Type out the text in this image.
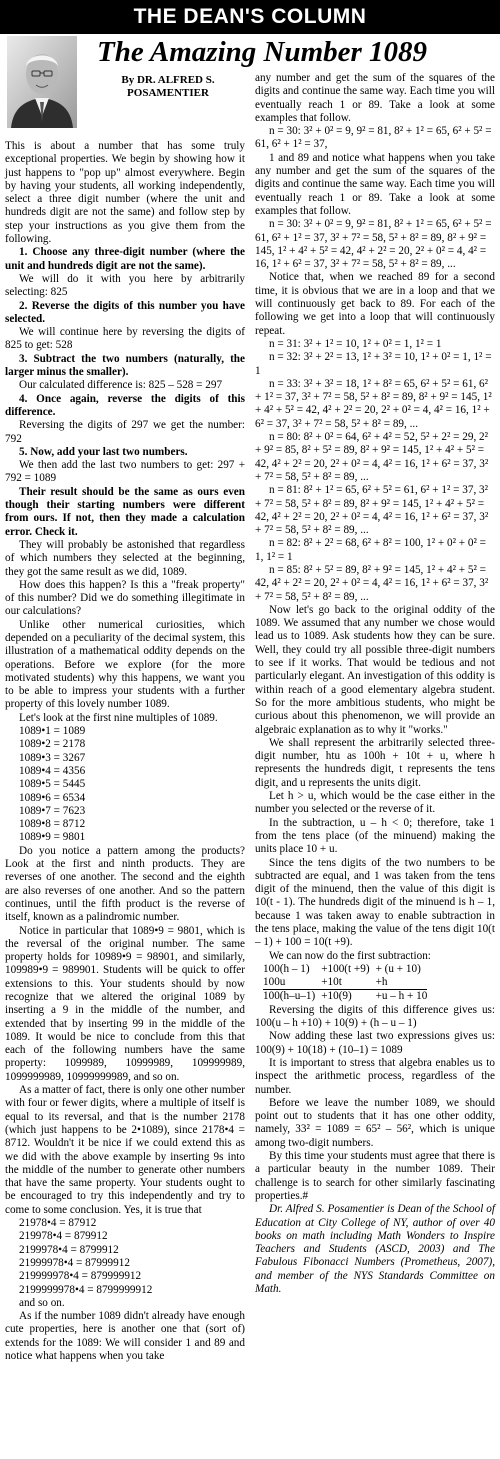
THE DEAN'S COLUMN
The Amazing Number 1089
By DR. ALFRED S.
POSAMENTIER

This is about a number that has some truly exceptional properties. We begin by showing how it just happens to "pop up" almost everywhere. Begin by having your students, all working independently, select a three digit number (where the unit and hundreds digit are not the same) and follow step by step your instructions as you give them from the following.

1. Choose any three-digit number (where the unit and hundreds digit are not the same).

We will do it with you here by arbitrarily selecting: 825

2. Reverse the digits of this number you have selected.

We will continue here by reversing the digits of 825 to get: 528

3. Subtract the two numbers (naturally, the larger minus the smaller).

Our calculated difference is: 825 – 528 = 297

4. Once again, reverse the digits of this difference.

Reversing the digits of 297 we get the number: 792

5. Now, add your last two numbers.

We then add the last two numbers to get: 297 + 792 = 1089

Their result should be the same as ours even though their starting numbers were different from ours. If not, then they made a calculation error. Check it.

They will probably be astonished that regardless of which numbers they selected at the beginning, they got the same result as we did, 1089.

How does this happen? Is this a "freak property" of this number? Did we do something illegitimate in our calculations?

Unlike other numerical curiosities, which depended on a peculiarity of the decimal system, this illustration of a mathematical oddity depends on the operations. Before we explore (for the more motivated students) why this happens, we want you to be able to impress your students with a further property of this lovely number 1089.

Let's look at the first nine multiples of 1089.

1089•1 = 1089
1089•2 = 2178
1089•3 = 3267
1089•4 = 4356
1089•5 = 5445
1089•6 = 6534
1089•7 = 7623
1089•8 = 8712
1089•9 = 9801

Do you notice a pattern among the products? Look at the first and ninth products. They are reverses of one another. The second and the eighth are also reverses of one another. And so the pattern continues, until the fifth product is the reverse of itself, known as a palindromic number.

Notice in particular that 1089•9 = 9801, which is the reversal of the original number. The same property holds for 10989•9 = 98901, and similarly, 109989•9 = 989901. Students will be quick to offer extensions to this. Your students should by now recognize that we altered the original 1089 by inserting a 9 in the middle of the number, and extended that by inserting 99 in the middle of the 1089. It would be nice to conclude from this that each of the following numbers have the same property: 1099989, 10999989, 109999989, 1099999989, 10999999989, and so on.

As a matter of fact, there is only one other number with four or fewer digits, where a multiple of itself is equal to its reversal, and that is the number 2178 (which just happens to be 2•1089), since 2178•4 = 8712. Wouldn't it be nice if we could extend this as we did with the above example by inserting 9s into the middle of the number to generate other numbers that have the same property. Your students ought to be encouraged to try this independently and try to come to some conclusion. Yes, it is true that

21978•4 = 87912
219978•4 = 879912
2199978•4 = 8799912
21999978•4 = 87999912
219999978•4 = 879999912
2199999978•4 = 8799999912
and so on.

As if the number 1089 didn't already have enough cute properties, here is another one that (sort of) extends for the 1089: We will consider 1 and 89 and notice what happens when you take

any number and get the sum of the squares of the digits and continue the same way. Each time you will eventually reach 1 or 89. Take a look at some examples that follow.

n = 30: 3² + 0² = 9, 9² = 81, 8² + 1² = 65, 6² + 5² = 61, 6² + 1² = 37,

1 and 89 and notice what happens when you take any number and get the sum of the squares of the digits and continue the same way. Each time you will eventually reach 1 or 89. Take a look at some examples that follow.

n = 30: 3² + 0² = 9, 9² = 81, 8² + 1² = 65, 6² + 5² = 61, 6² + 1² = 37, 3² + 7² = 58, 5² + 8² = 89, 8² + 9² = 145, 1² + 4² + 5² = 42, 4² + 2² = 20, 2² + 0² = 4, 4² = 16, 1² + 6² = 37, 3² + 7² = 58, 5² + 8² = 89, ...

Notice that, when we reached 89 for a second time, it is obvious that we are in a loop and that we will continuously get back to 89. For each of the following we get into a loop that will continuously repeat.

n = 31: 3² + 1² = 10, 1² + 0² = 1, 1² = 1

n = 32: 3² + 2² = 13, 1² + 3² = 10, 1² + 0² = 1, 1² = 1

n = 33: 3² + 3² = 18, 1² + 8² = 65, 6² + 5² = 61, 6² + 1² = 37, 3² + 7² = 58, 5² + 8² = 89, 8² + 9² = 145, 1² + 4² + 5² = 42, 4² + 2² = 20, 2² + 0² = 4, 4² = 16, 1² + 6² = 37, 3² + 7² = 58, 5² + 8² = 89, ...

n = 80: 8² + 0² = 64, 6² + 4² = 52, 5² + 2² = 29, 2² + 9² = 85, 8² + 5² = 89, 8² + 9² = 145, 1² + 4² + 5² = 42, 4² + 2² = 20, 2² + 0² = 4, 4² = 16, 1² + 6² = 37, 3² + 7² = 58, 5² + 8² = 89, ...

n = 81: 8² + 1² = 65, 6² + 5² = 61, 6² + 1² = 37, 3² + 7² = 58, 5² + 8² = 89, 8² + 9² = 145, 1² + 4² + 5² = 42, 4² + 2² = 20, 2² + 0² = 4, 4² = 16, 1² + 6² = 37, 3² + 7² = 58, 5² + 8² = 89, ...

n = 82: 8² + 2² = 68, 6² + 8² = 100, 1² + 0² + 0² = 1, 1² = 1

n = 85: 8² + 5² = 89, 8² + 9² = 145, 1² + 4² + 5² = 42, 4² + 2² = 20, 2² + 0² = 4, 4² = 16, 1² + 6² = 37, 3² + 7² = 58, 5² + 8² = 89, ...

Now let's go back to the original oddity of the 1089. We assumed that any number we chose would lead us to 1089. Ask students how they can be sure. Well, they could try all possible three-digit numbers to see if it works. That would be tedious and not particularly elegant. An investigation of this oddity is within reach of a good elementary algebra student. So for the more ambitious students, who might be curious about this phenomenon, we will provide an algebraic explanation as to why it "works."

We shall represent the arbitrarily selected three-digit number, htu as 100h + 10t + u, where h represents the hundreds digit, t represents the tens digit, and u represents the units digit.

Let h > u, which would be the case either in the number you selected or the reverse of it.

In the subtraction, u – h < 0; therefore, take 1 from the tens place (of the minuend) making the units place 10 + u.

Since the tens digits of the two numbers to be subtracted are equal, and 1 was taken from the tens digit of the minuend, then the value of this digit is 10(t - 1). The hundreds digit of the minuend is h – 1, because 1 was taken away to enable subtraction in the tens place, making the value of the tens digit 10(t – 1) + 100 = 10(t +9).

We can now do the first subtraction:

100(h – 1)	+100(t +9)	+ (u + 10)
100u	+10t	+h
100(h–u–1)	+10(9)	+u – h + 10

Reversing the digits of this difference gives us: 100(u – h +10) + 10(9) + (h – u – 1)

Now adding these last two expressions gives us: 100(9) + 10(18) + (10–1) = 1089

It is important to stress that algebra enables us to inspect the arithmetic process, regardless of the number.

Before we leave the number 1089, we should point out to students that it has one other oddity, namely, 33² = 1089 = 65² – 56², which is unique among two-digit numbers.

By this time your students must agree that there is a particular beauty in the number 1089. Their challenge is to search for other similarly fascinating properties.#

Dr. Alfred S. Posamentier is Dean of the School of Education at City College of NY, author of over 40 books on math including Math Wonders to Inspire Teachers and Students (ASCD, 2003) and The Fabulous Fibonacci Numbers (Prometheus, 2007), and member of the NYS Standards Committee on Math.
